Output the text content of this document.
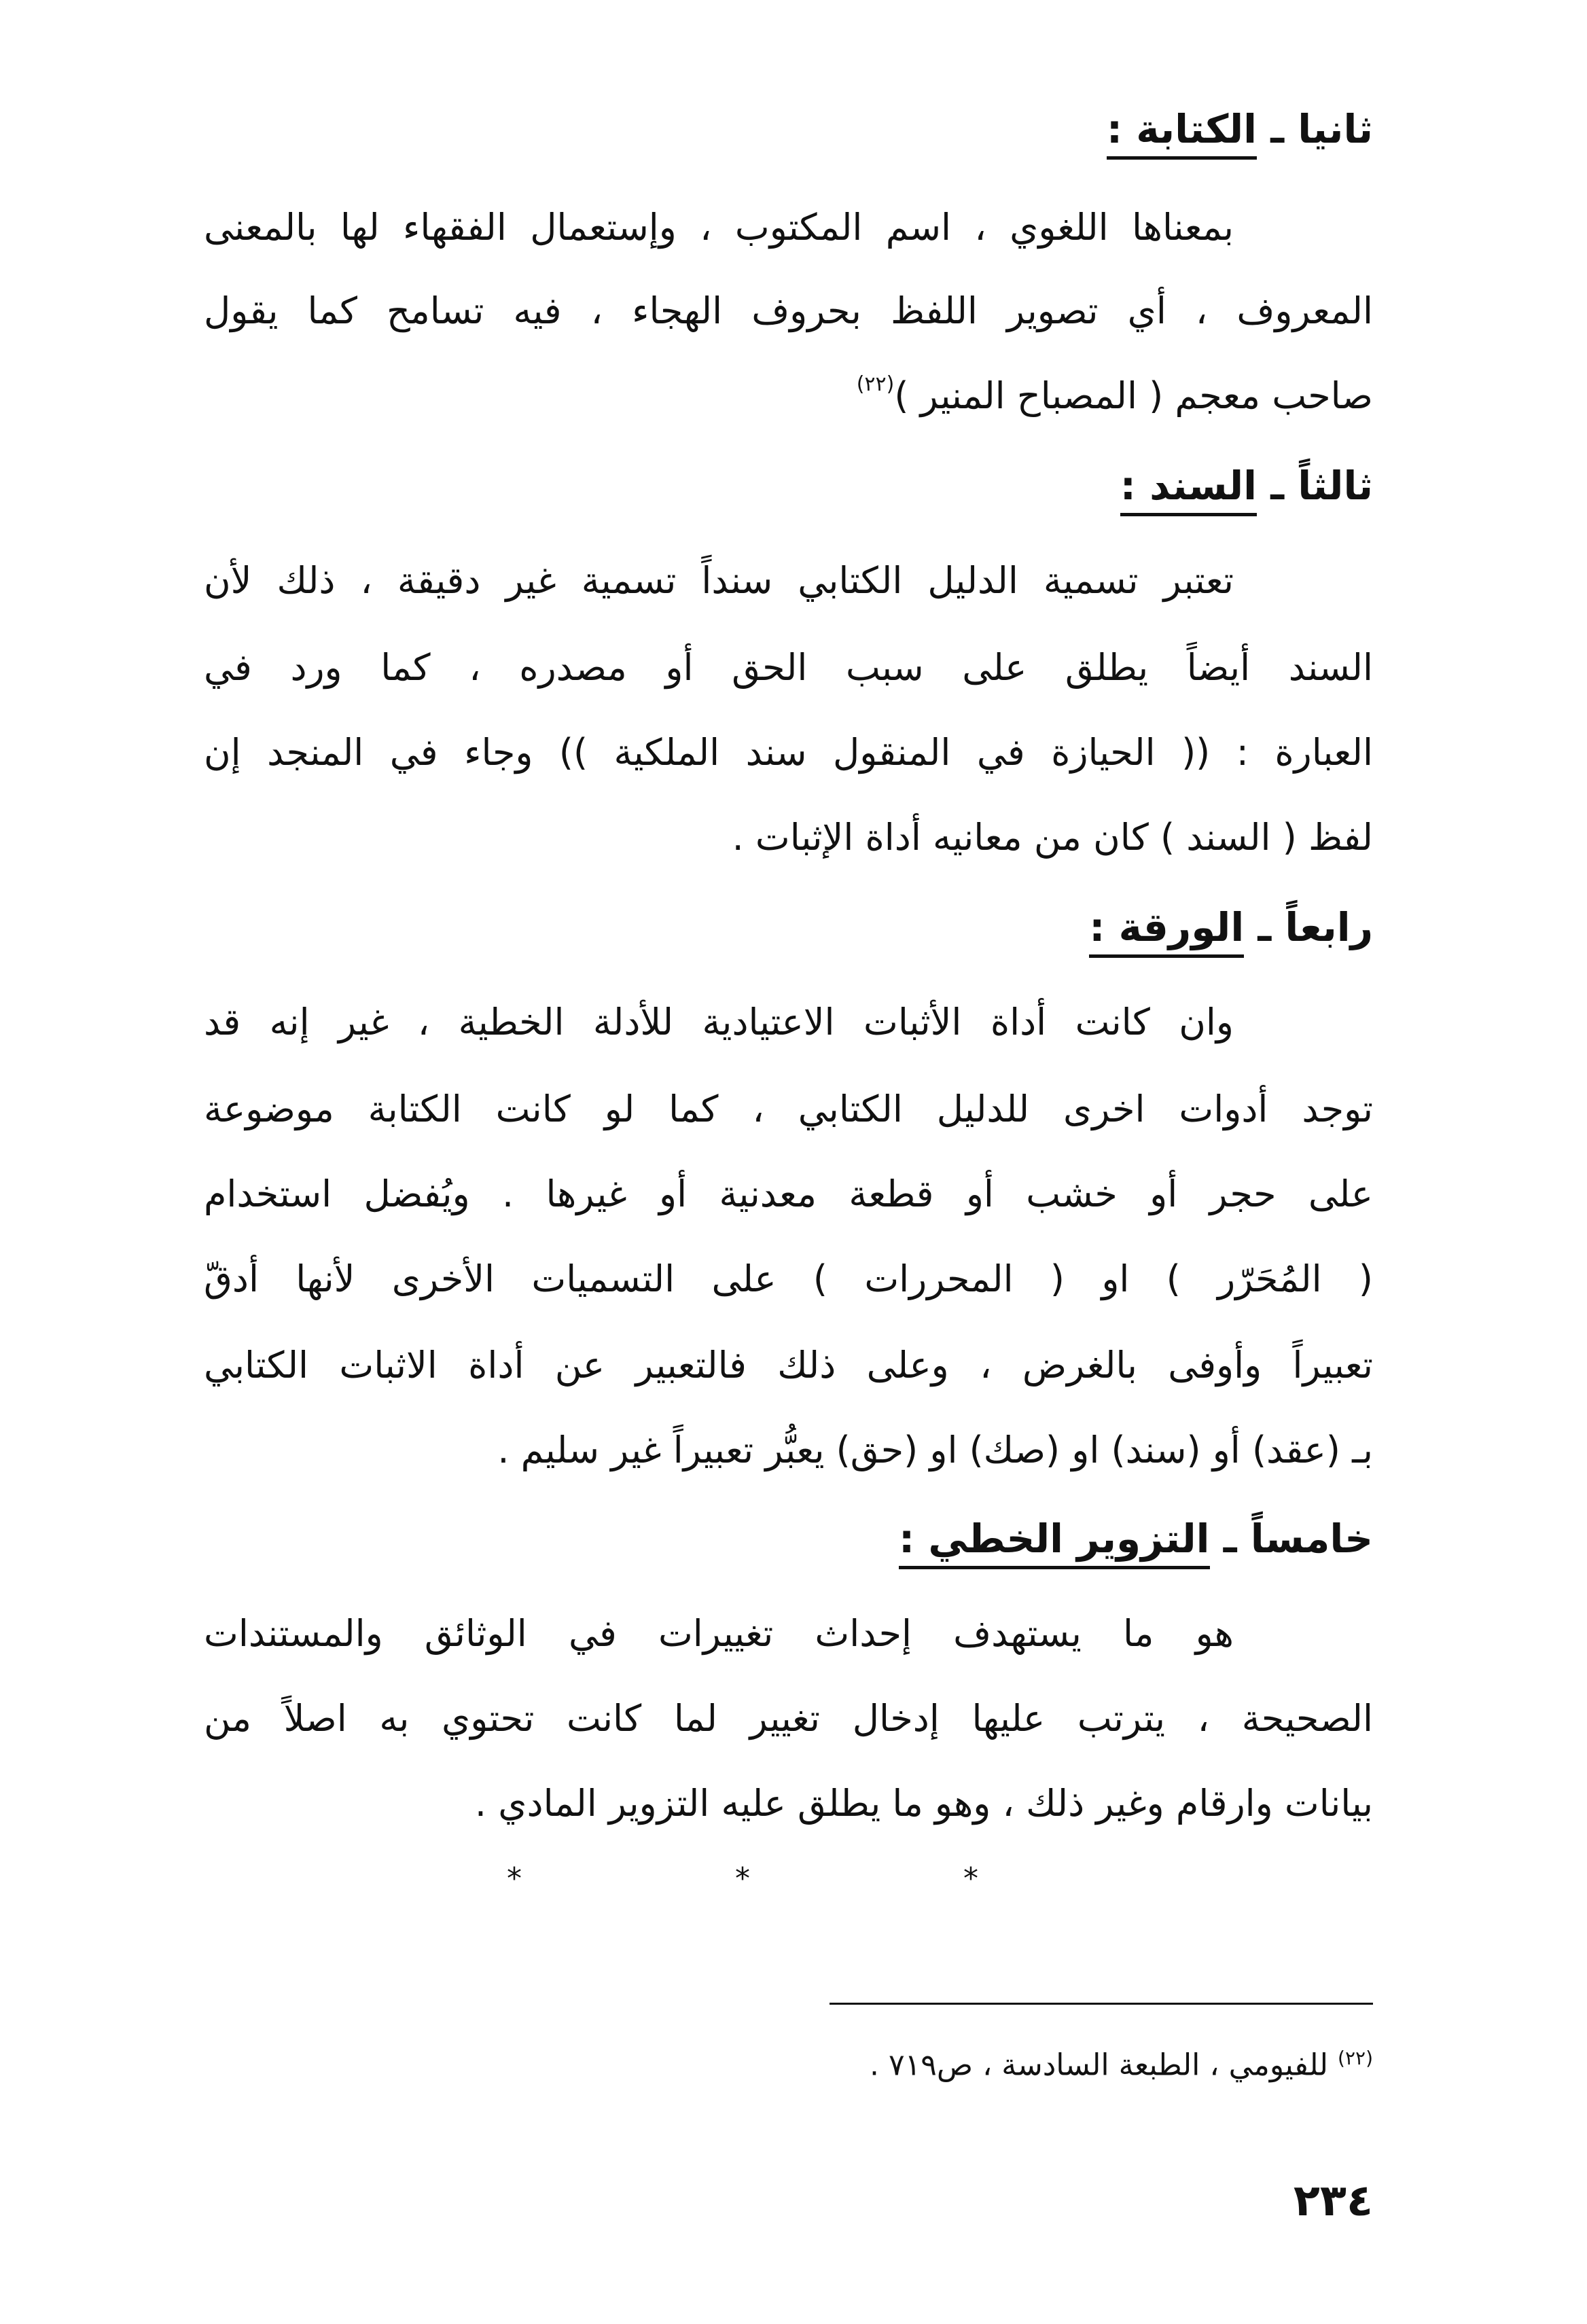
ثانيا ـ الكتابة :
بمعناها اللغوي ، اسم المكتوب ، وإستعمال الفقهاء لها بالمعنى
المعروف ، أي تصوير اللفظ بحروف الهجاء ، فيه تسامح كما يقول
صاحب معجم ( المصباح المنير )$^{(٢٢)}$
ثالثاً ـ السند :
تعتبر تسمية الدليل الكتابي سنداً تسمية غير دقيقة ، ذلك لأن
السند أيضاً يطلق على سبب الحق أو مصدره ، كما ورد في
العبارة : (( الحيازة في المنقول سند الملكية )) وجاء في المنجد إن
لفظ ( السند ) كان من معانيه أداة الإثبات .
رابعاً ـ الورقة :
وان كانت أداة الأثبات الاعتيادية للأدلة الخطية ، غير إنه قد
توجد أدوات اخرى للدليل الكتابي ، كما لو كانت الكتابة موضوعة
على حجر أو خشب أو قطعة معدنية أو غيرها . ويُفضل استخدام
( المُحَرّر ) او ( المحررات ) على التسميات الأخرى لأنها أدقّ
تعبيراً وأوفى بالغرض ، وعلى ذلك فالتعبير عن أداة الاثبات الكتابي
بـ (عقد) أو (سند) او (صك) او (حق) يعبُّر تعبيراً غير سليم .
خامساً ـ التزوير الخطي :
هو ما يستهدف إحداث تغييرات في الوثائق والمستندات
الصحيحة ، يترتب عليها إدخال تغيير لما كانت تحتوي به اصلاً من
بيانات وارقام وغير ذلك ، وهو ما يطلق عليه التزوير المادي .
* * *
$^{(٢٢)}$ للفيومي ، الطبعة السادسة ، ص٧١٩ .
٢٣٤
